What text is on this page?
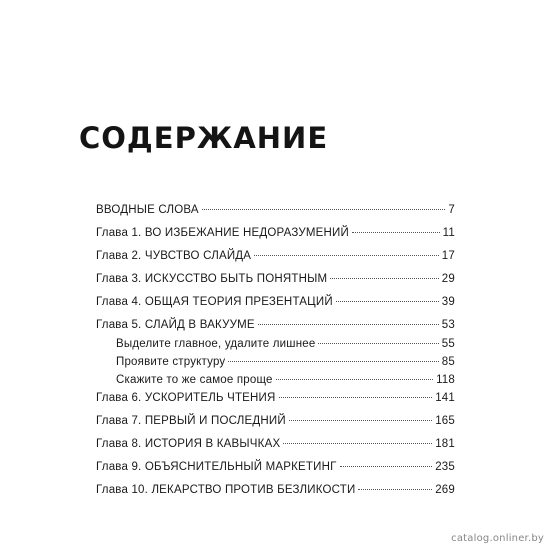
СОДЕРЖАНИЕ
ВВОДНЫЕ СЛОВА	7
Глава 1. ВО ИЗБЕЖАНИЕ НЕДОРАЗУМЕНИЙ	11
Глава 2. ЧУВСТВО СЛАЙДА	17
Глава 3. ИСКУССТВО БЫТЬ ПОНЯТНЫМ	29
Глава 4. ОБЩАЯ ТЕОРИЯ ПРЕЗЕНТАЦИЙ	39
Глава 5. СЛАЙД В ВАКУУМЕ	53
Выделите главное, удалите лишнее	55
Проявите структуру	85
Скажите то же самое проще	118
Глава 6. УСКОРИТЕЛЬ ЧТЕНИЯ	141
Глава 7. ПЕРВЫЙ И ПОСЛЕДНИЙ	165
Глава 8. ИСТОРИЯ В КАВЫЧКАХ	181
Глава 9. ОБЪЯСНИТЕЛЬНЫЙ МАРКЕТИНГ	235
Глава 10. ЛЕКАРСТВО ПРОТИВ БЕЗЛИКОСТИ	269
catalog.onliner.by
